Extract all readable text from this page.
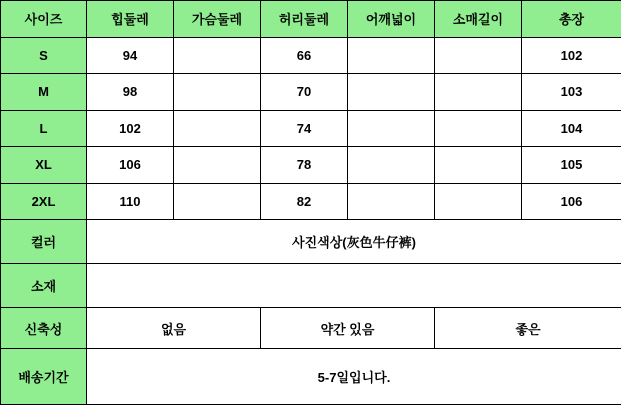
사이즈	힙둘레	가슴둘레	허리둘레	어깨넓이	소매길이	총장
S	94		66			102
M	98		70			103
L	102		74			104
XL	106		78			105
2XL	110		82			106
컬러	사진색상(灰色牛仔裤)					
소재						
신축성	없음		약간 있음		좋은	
배송기간	5-7일입니다.					
